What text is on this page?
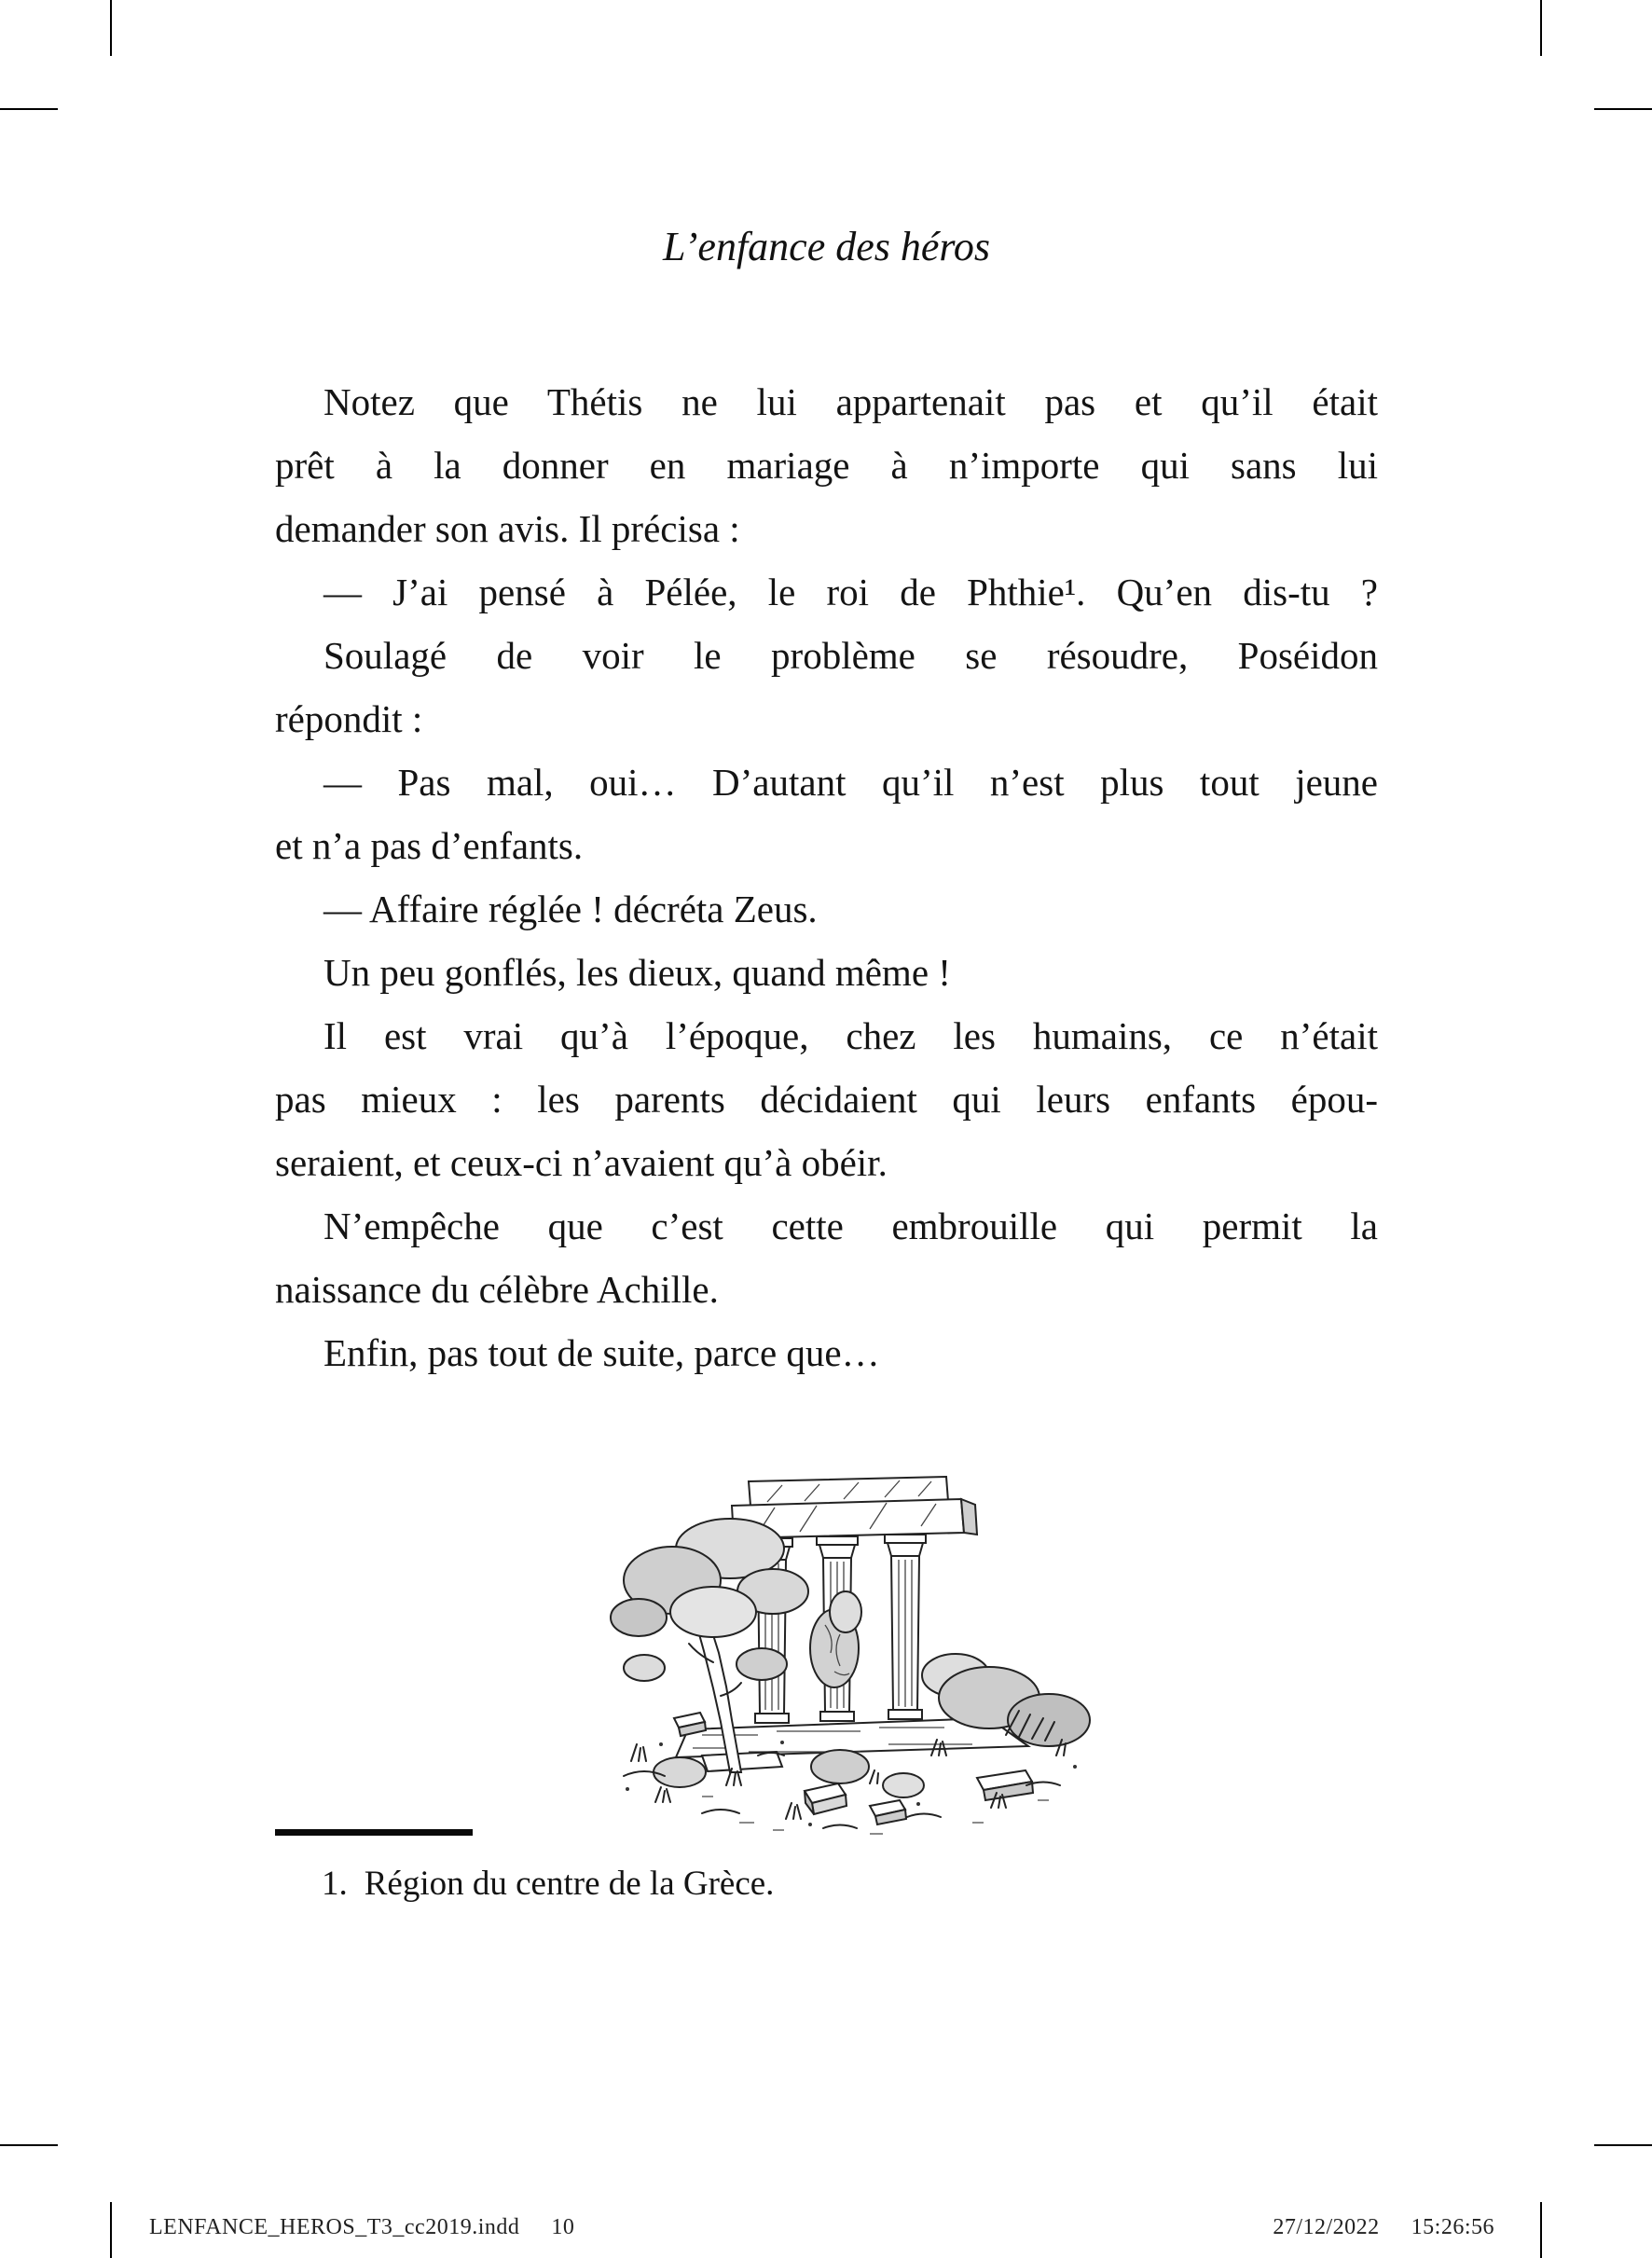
L’enfance des héros
Notez que Thétis ne lui appartenait pas et qu’il était
prêt à la donner en mariage à n’importe qui sans lui
demander son avis. Il précisa :
— J’ai pensé à Pélée, le roi de Phthie¹. Qu’en dis-tu ?
Soulagé de voir le problème se résoudre, Poséidon
répondit :
— Pas mal, oui… D’autant qu’il n’est plus tout jeune
et n’a pas d’enfants.
— Affaire réglée ! décréta Zeus.
Un peu gonflés, les dieux, quand même !
Il est vrai qu’à l’époque, chez les humains, ce n’était
pas mieux : les parents décidaient qui leurs enfants épou-
seraient, et ceux-ci n’avaient qu’à obéir.
N’empêche que c’est cette embrouille qui permit la
naissance du célèbre Achille.
Enfin, pas tout de suite, parce que…
1. Région du centre de la Grèce.
LENFANCE_HEROS_T3_cc2019.indd 10	27/12/2022 15:26:56
